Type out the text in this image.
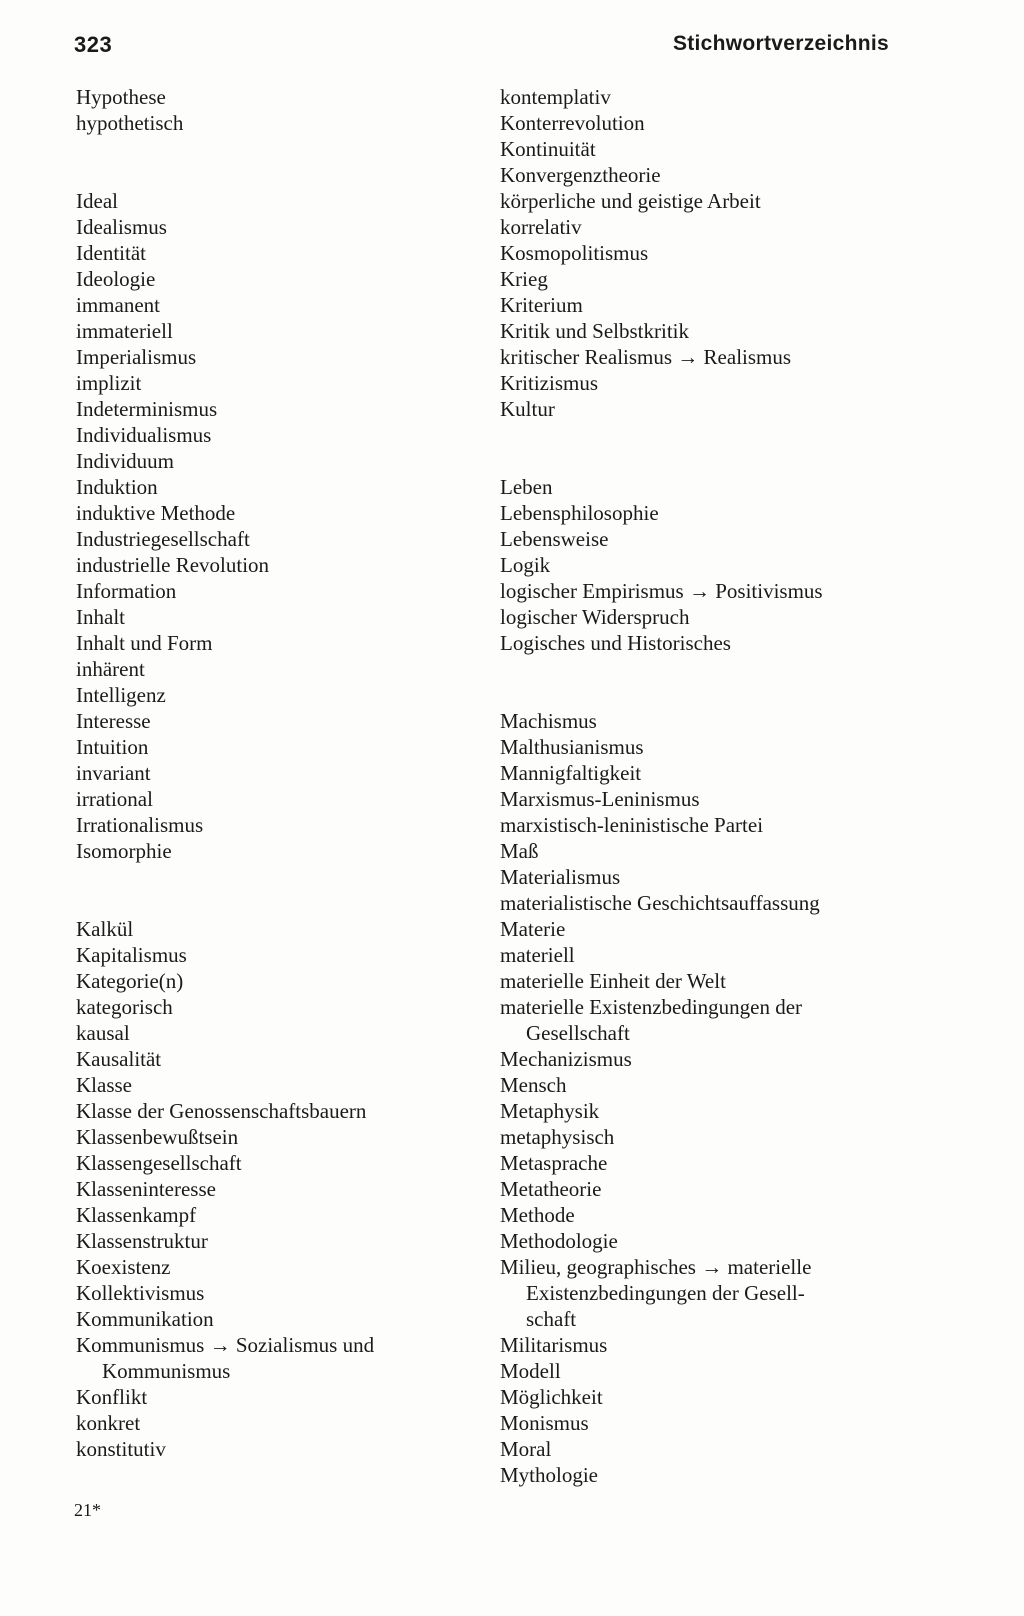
323	Stichwortverzeichnis
Hypothese
hypothetisch
Ideal
Idealismus
Identität
Ideologie
immanent
immateriell
Imperialismus
implizit
Indeterminismus
Individualismus
Individuum
Induktion
induktive Methode
Industriegesellschaft
industrielle Revolution
Information
Inhalt
Inhalt und Form
inhärent
Intelligenz
Interesse
Intuition
invariant
irrational
Irrationalismus
Isomorphie
Kalkül
Kapitalismus
Kategorie(n)
kategorisch
kausal
Kausalität
Klasse
Klasse der Genossenschaftsbauern
Klassenbewußtsein
Klassengesellschaft
Klasseninteresse
Klassenkampf
Klassenstruktur
Koexistenz
Kollektivismus
Kommunikation
Kommunismus → Sozialismus und
Kommunismus
Konflikt
konkret
konstitutiv
kontemplativ
Konterrevolution
Kontinuität
Konvergenztheorie
körperliche und geistige Arbeit
korrelativ
Kosmopolitismus
Krieg
Kriterium
Kritik und Selbstkritik
kritischer Realismus → Realismus
Kritizismus
Kultur
Leben
Lebensphilosophie
Lebensweise
Logik
logischer Empirismus → Positivismus
logischer Widerspruch
Logisches und Historisches
Machismus
Malthusianismus
Mannigfaltigkeit
Marxismus-Leninismus
marxistisch-leninistische Partei
Maß
Materialismus
materialistische Geschichtsauffassung
Materie
materiell
materielle Einheit der Welt
materielle Existenzbedingungen der
Gesellschaft
Mechanizismus
Mensch
Metaphysik
metaphysisch
Metasprache
Metatheorie
Methode
Methodologie
Milieu, geographisches → materielle
Existenzbedingungen der Gesell-
schaft
Militarismus
Modell
Möglichkeit
Monismus
Moral
Mythologie
21*
